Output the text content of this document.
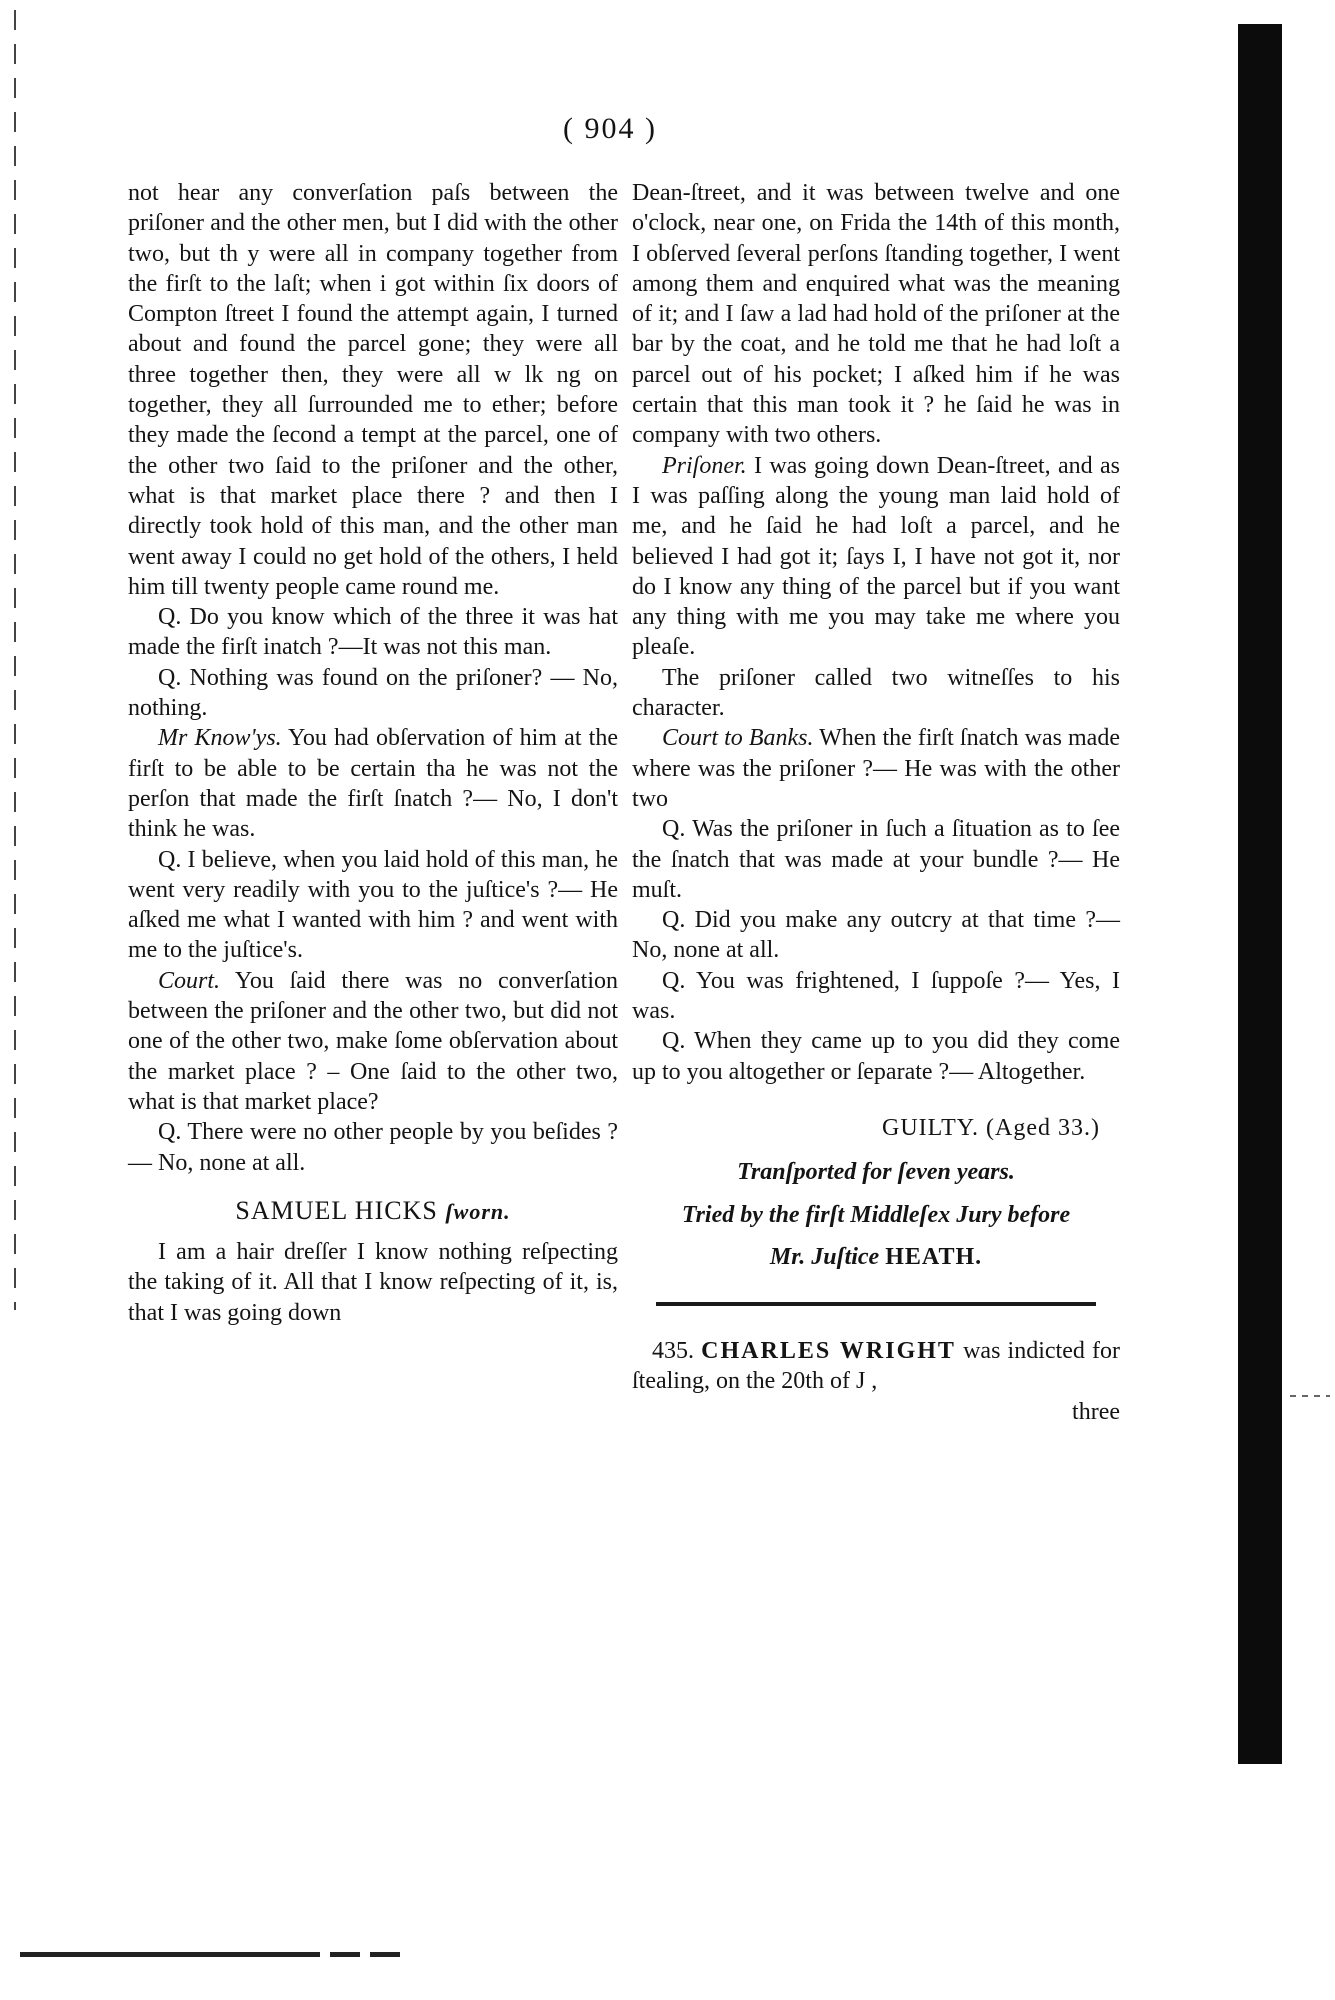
( 904 )

not hear any converſation paſs between the priſoner and the other men, but I did with the other two, but th y were all in company together from the firſt to the laſt; when i got within ſix doors of Compton ſtreet I found the attempt again, I turned about and found the parcel gone; they were all three together then, they were all w lk ng on together, they all ſurrounded me to ether; before they made the ſecond a tempt at the parcel, one of the other two ſaid to the priſoner and the other, what is that market place there ? and then I directly took hold of this man, and the other man went away I could no get hold of the others, I held him till twenty people came round me.

Q. Do you know which of the three it was hat made the firſt inatch ?—It was not this man.

Q. Nothing was found on the priſoner? — No, nothing.

Mr Know'ys. You had obſervation of him at the firſt to be able to be certain tha he was not the perſon that made the firſt ſnatch ?— No, I don't think he was.

Q. I believe, when you laid hold of this man, he went very readily with you to the juſtice's ?— He aſked me what I wanted with him ? and went with me to the juſtice's.

Court. You ſaid there was no converſation between the priſoner and the other two, but did not one of the other two, make ſome obſervation about the market place ? – One ſaid to the other two, what is that market place?

Q. There were no other people by you beſides ?— No, none at all.

SAMUEL HICKS ſworn.

I am a hair dreſſer I know nothing reſpecting the taking of it. All that I know reſpecting of it, is, that I was going down

Dean-ſtreet, and it was between twelve and one o'clock, near one, on Frida the 14th of this month, I obſerved ſeveral perſons ſtanding together, I went among them and enquired what was the meaning of it; and I ſaw a lad had hold of the priſoner at the bar by the coat, and he told me that he had loſt a parcel out of his pocket; I aſked him if he was certain that this man took it ? he ſaid he was in company with two others.

Priſoner. I was going down Dean-ſtreet, and as I was paſſing along the young man laid hold of me, and he ſaid he had loſt a parcel, and he believed I had got it; ſays I, I have not got it, nor do I know any thing of the parcel but if you want any thing with me you may take me where you pleaſe.

The priſoner called two witneſſes to his character.

Court to Banks. When the firſt ſnatch was made where was the priſoner ?— He was with the other two

Q. Was the priſoner in ſuch a ſituation as to ſee the ſnatch that was made at your bundle ?— He muſt.

Q. Did you make any outcry at that time ?— No, none at all.

Q. You was frightened, I ſuppoſe ?— Yes, I was.

Q. When they came up to you did they come up to you altogether or ſeparate ?— Altogether.

GUILTY. (Aged 33.)

Tranſported for ſeven years.

Tried by the firſt Middleſex Jury before

Mr. Juſtice HEATH.

435. CHARLES WRIGHT was indicted for ſtealing, on the 20th of J ,

three
